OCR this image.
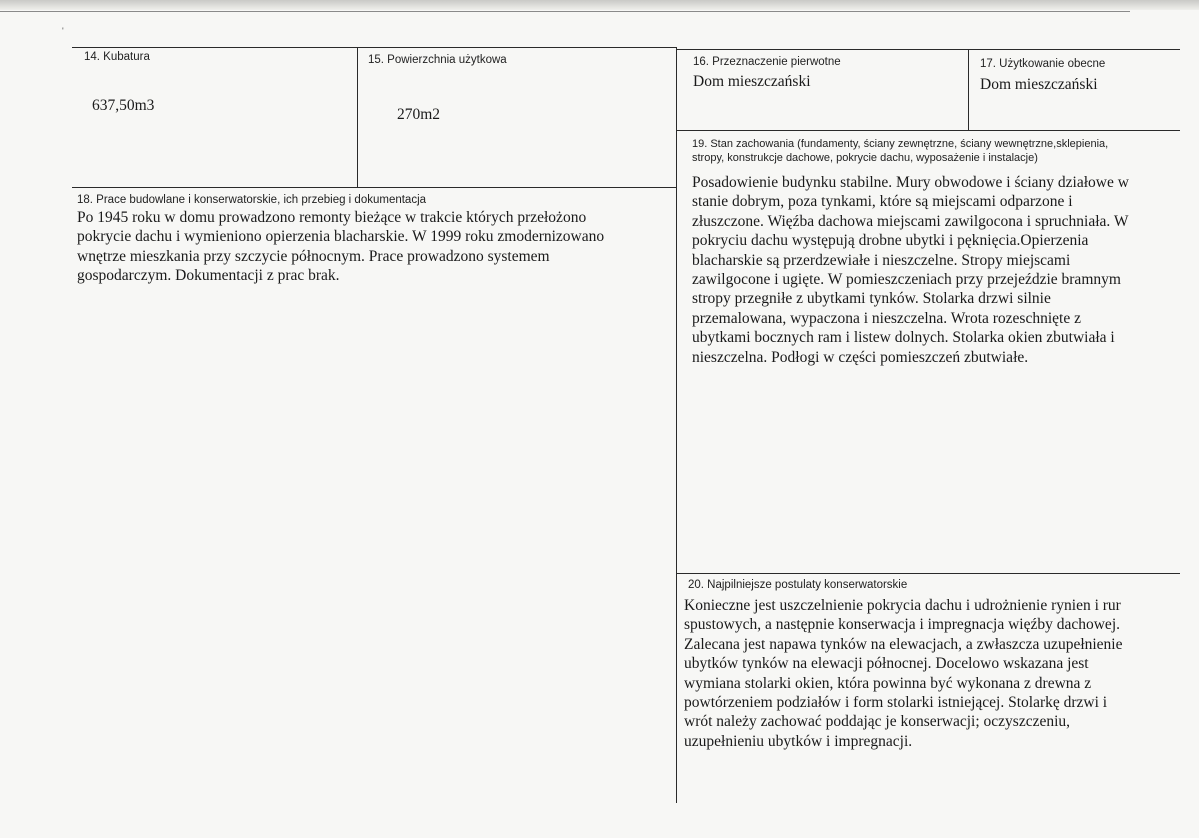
ʹ
14. Kubatura
637,50m3
15. Powierzchnia użytkowa
270m2
16. Przeznaczenie pierwotne
Dom mieszczański
17. Użytkowanie obecne
Dom mieszczański
18. Prace budowlane i konserwatorskie, ich przebieg i dokumentacja
Po 1945 roku w domu prowadzono remonty bieżące w trakcie których przełożono
pokrycie dachu i wymieniono opierzenia blacharskie. W 1999 roku zmodernizowano
wnętrze mieszkania przy szczycie północnym. Prace prowadzono systemem
gospodarczym. Dokumentacji z prac brak.
19. Stan zachowania (fundamenty, ściany zewnętrzne, ściany wewnętrzne,sklepienia,
stropy, konstrukcje dachowe, pokrycie dachu, wyposażenie i instalacje)
Posadowienie budynku stabilne. Mury obwodowe i ściany działowe w
stanie dobrym, poza tynkami, które są miejscami odparzone i
złuszczone. Więźba dachowa miejscami zawilgocona i spruchniała. W
pokryciu dachu występują drobne ubytki i pęknięcia.Opierzenia
blacharskie są przerdzewiałe i nieszczelne. Stropy miejscami
zawilgocone i ugięte. W pomieszczeniach przy przejeździe bramnym
stropy przegniłe z ubytkami tynków. Stolarka drzwi silnie
przemalowana, wypaczona i nieszczelna. Wrota rozeschnięte z
ubytkami bocznych ram i listew dolnych. Stolarka okien zbutwiała i
nieszczelna. Podłogi w części pomieszczeń zbutwiałe.
20. Najpilniejsze postulaty konserwatorskie
Konieczne jest uszczelnienie pokrycia dachu i udrożnienie rynien i rur
spustowych, a następnie konserwacja i impregnacja więźby dachowej.
Zalecana jest napawa tynków na elewacjach, a zwłaszcza uzupełnienie
ubytków tynków na elewacji północnej. Docelowo wskazana jest
wymiana stolarki okien, która powinna być wykonana z drewna z
powtórzeniem podziałów i form stolarki istniejącej. Stolarkę drzwi i
wrót należy zachować poddając je konserwacji; oczyszczeniu,
uzupełnieniu ubytków i impregnacji.
